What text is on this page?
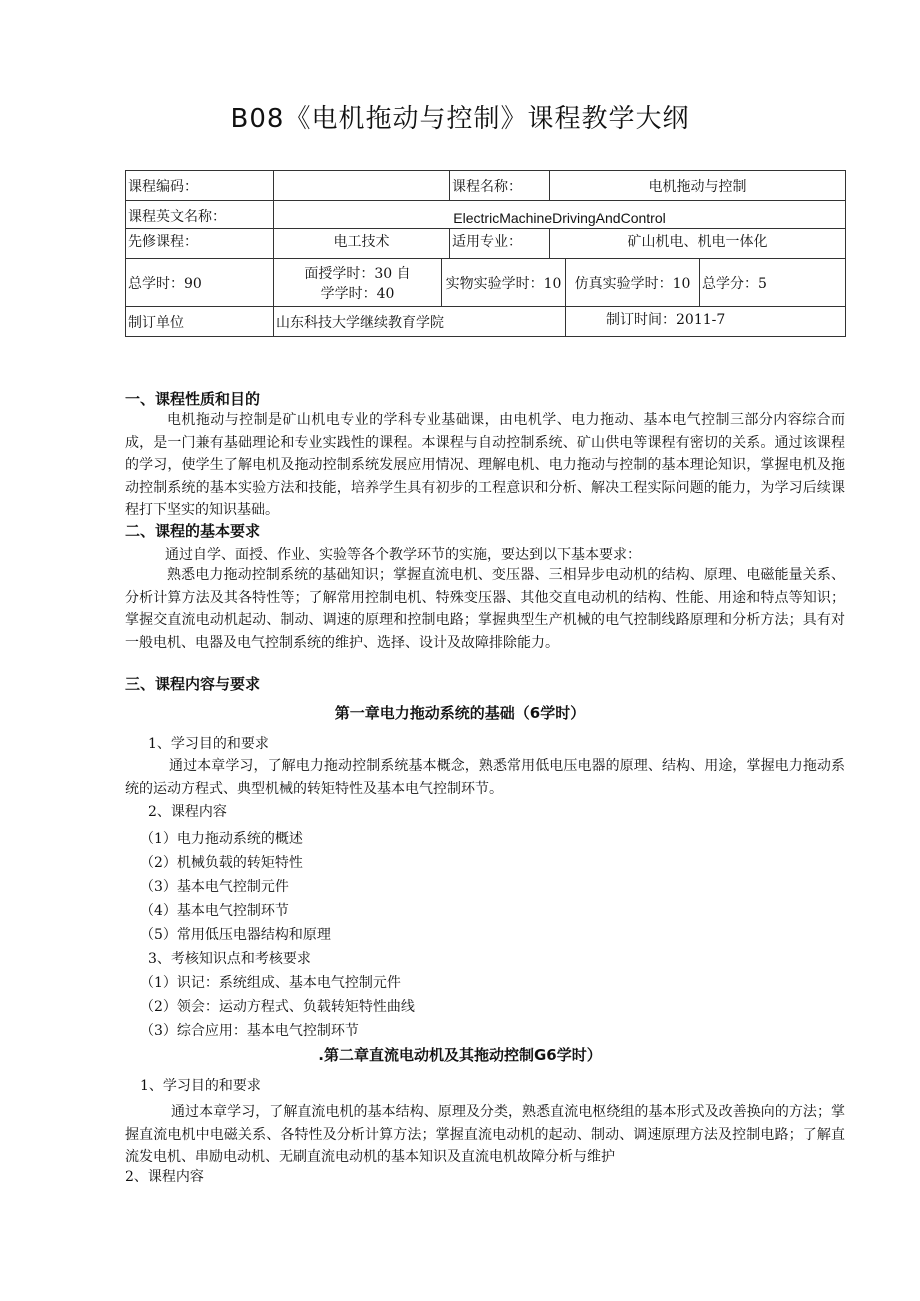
B08《电机拖动与控制》课程教学大纲
课程编码：			课程名称：	电机拖动与控制		
课程英文名称：	ElectricMachineDrivingAndControl					
先修课程：	电工技术		适用专业：	矿山机电、机电一体化		
总学时：90	面授学时：30 自学学时：40	实物实验学时：10			仿真实验学时：10	总学分：5
制订单位	山东科技大学继续教育学院				制订时间：2011-7	
一、课程性质和目的
电机拖动与控制是矿山机电专业的学科专业基础课，由电机学、电力拖动、基本电气控制三部分内容综合而成，是一门兼有基础理论和专业实践性的课程。本课程与自动控制系统、矿山供电等课程有密切的关系。通过该课程的学习，使学生了解电机及拖动控制系统发展应用情况、理解电机、电力拖动与控制的基本理论知识，掌握电机及拖动控制系统的基本实验方法和技能，培养学生具有初步的工程意识和分析、解决工程实际问题的能力，为学习后续课程打下坚实的知识基础。
二、课程的基本要求
通过自学、面授、作业、实验等各个教学环节的实施，要达到以下基本要求：
熟悉电力拖动控制系统的基础知识；掌握直流电机、变压器、三相异步电动机的结构、原理、电磁能量关系、分析计算方法及其各特性等；了解常用控制电机、特殊变压器、其他交直电动机的结构、性能、用途和特点等知识；掌握交直流电动机起动、制动、调速的原理和控制电路；掌握典型生产机械的电气控制线路原理和分析方法；具有对一般电机、电器及电气控制系统的维护、选择、设计及故障排除能力。
三、课程内容与要求
第一章电力拖动系统的基础（6学时）
1、学习目的和要求
通过本章学习，了解电力拖动控制系统基本概念，熟悉常用低电压电器的原理、结构、用途，掌握电力拖动系统的运动方程式、典型机械的转矩特性及基本电气控制环节。
2、课程内容
（1）电力拖动系统的概述
（2）机械负载的转矩特性
（3）基本电气控制元件
（4）基本电气控制环节
（5）常用低压电器结构和原理
3、考核知识点和考核要求
（1）识记：系统组成、基本电气控制元件
（2）领会：运动方程式、负载转矩特性曲线
（3）综合应用：基本电气控制环节
.第二章直流电动机及其拖动控制G6学时）
1、学习目的和要求
通过本章学习，了解直流电机的基本结构、原理及分类，熟悉直流电枢绕组的基本形式及改善换向的方法；掌握直流电机中电磁关系、各特性及分析计算方法；掌握直流电动机的起动、制动、调速原理方法及控制电路；了解直流发电机、串励电动机、无刷直流电动机的基本知识及直流电机故障分析与维护
2、课程内容
